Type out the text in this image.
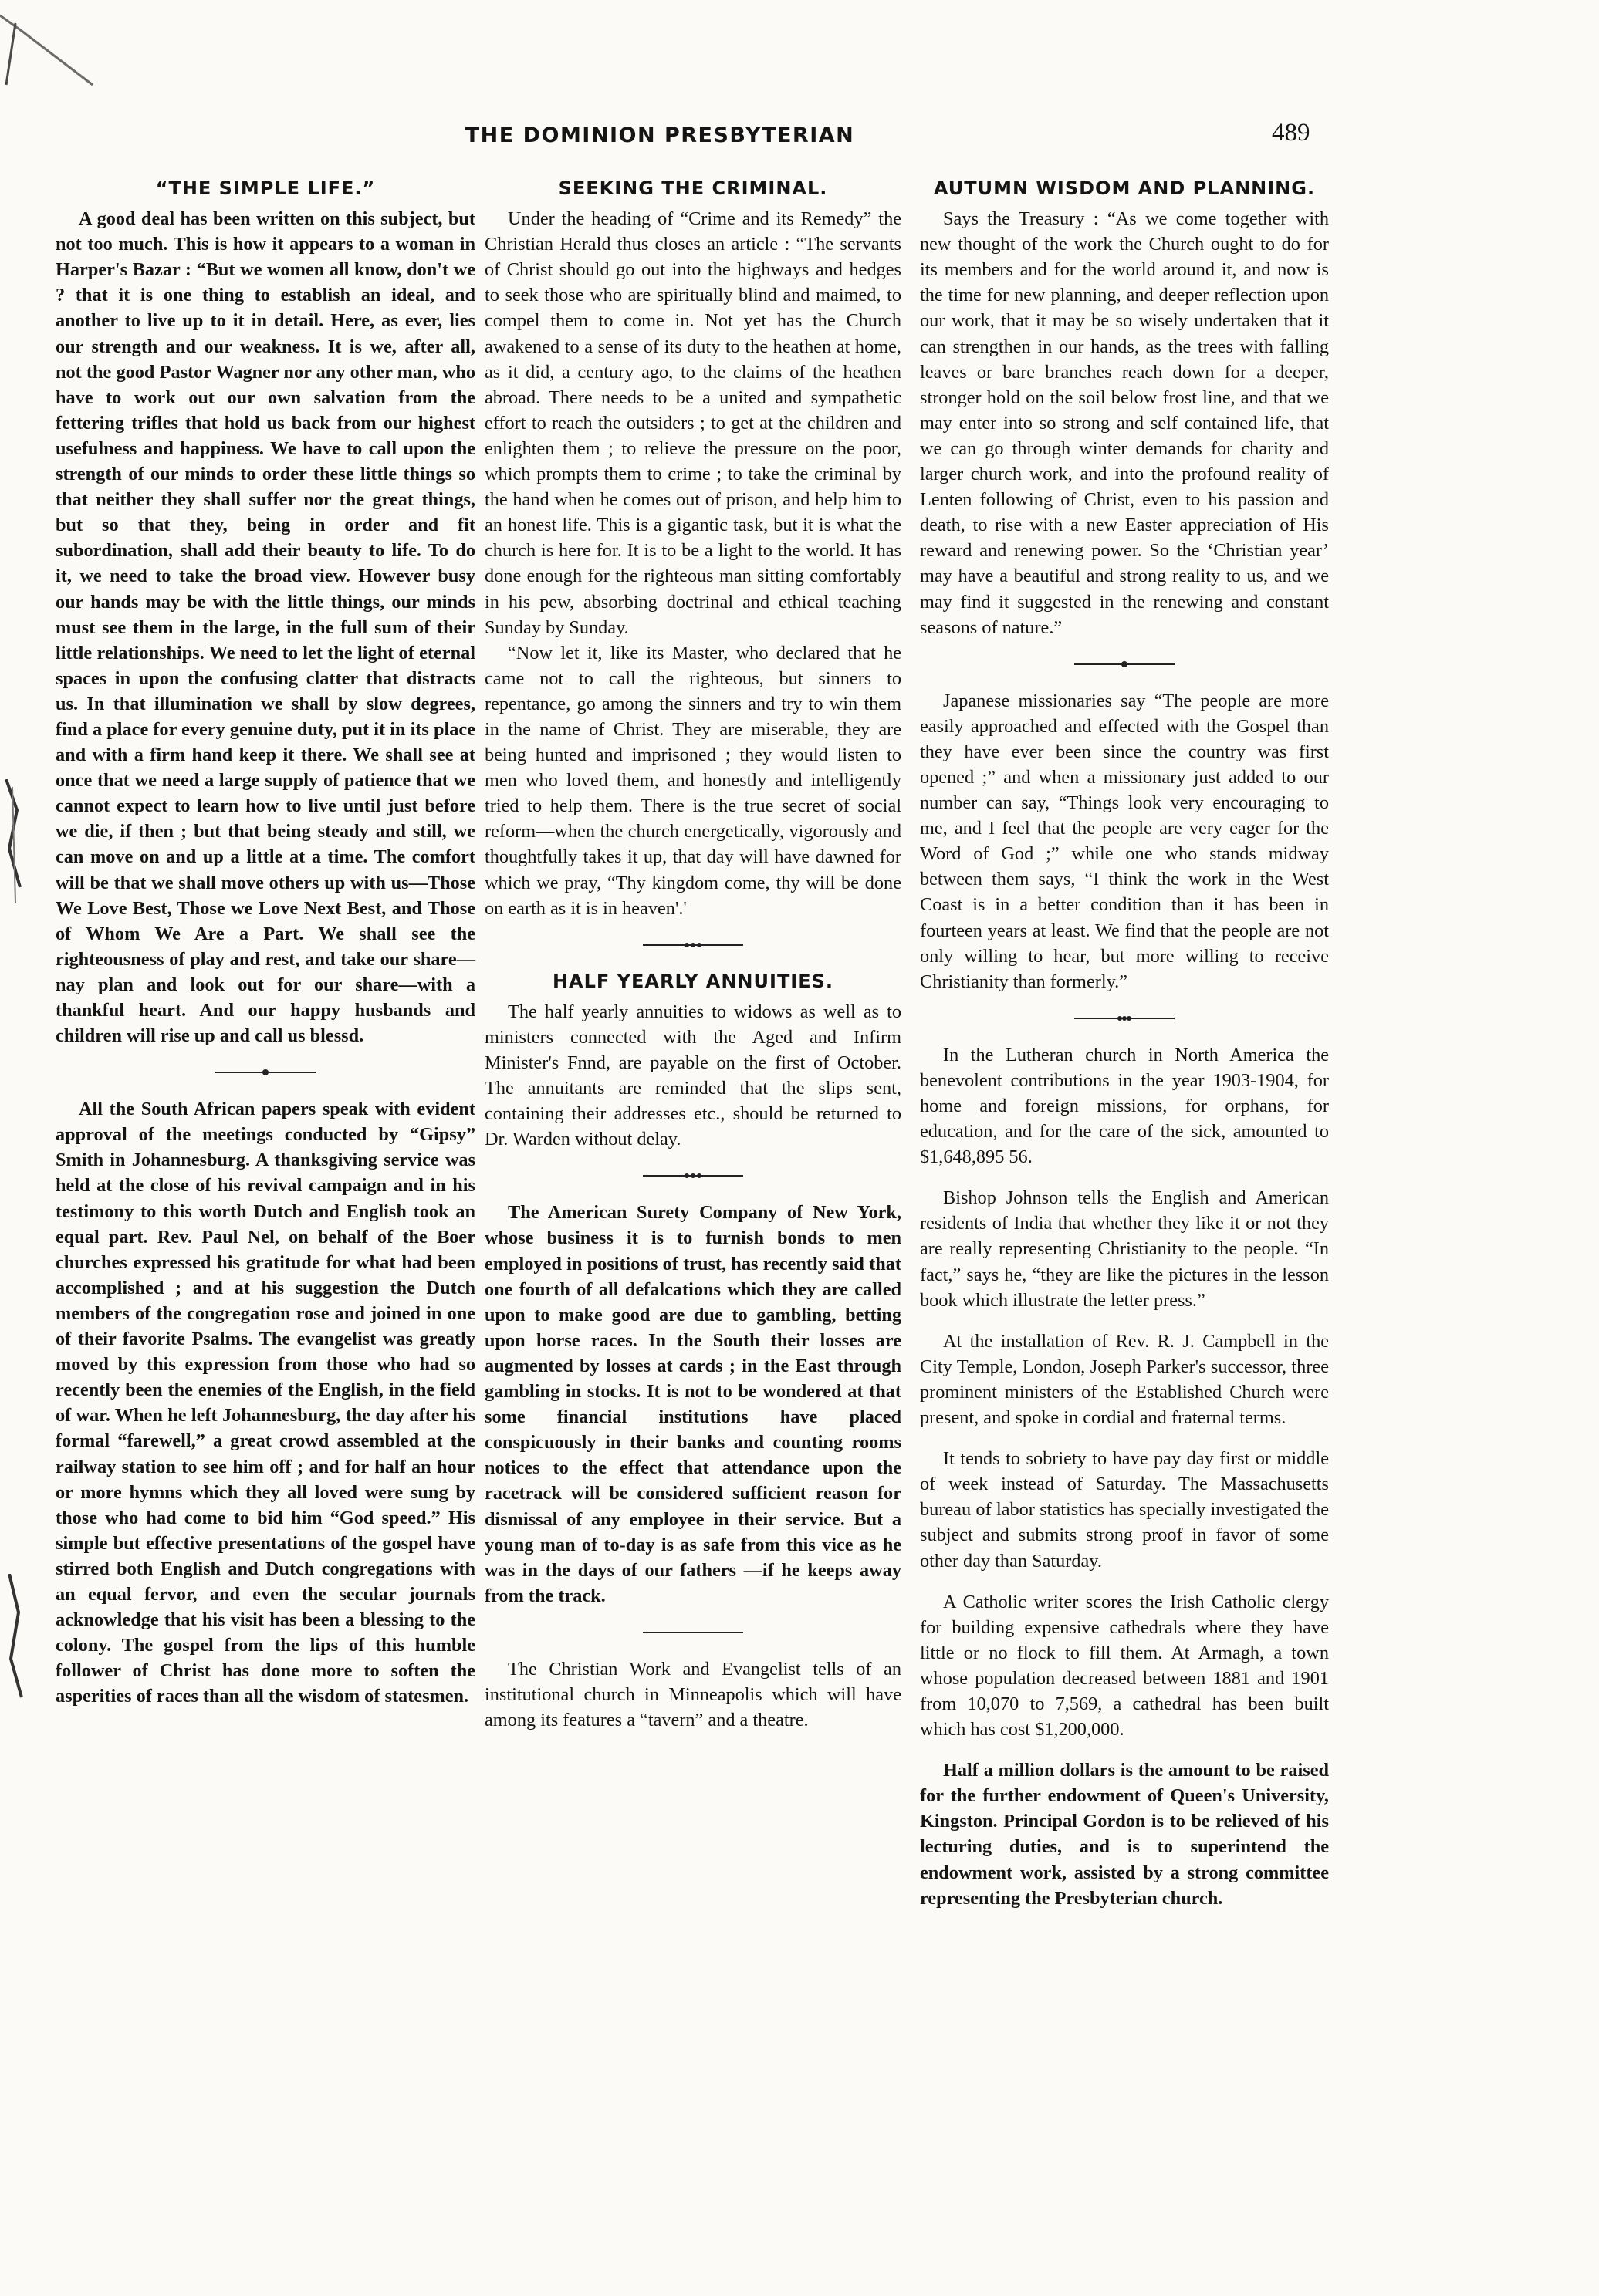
THE DOMINION PRESBYTERIAN	489
“THE SIMPLE LIFE.”

A good deal has been written on this subject, but not too much. This is how it appears to a woman in Harper's Bazar : “But we women all know, don't we ? that it is one thing to establish an ideal, and another to live up to it in detail. Here, as ever, lies our strength and our weakness. It is we, after all, not the good Pastor Wagner nor any other man, who have to work out our own salvation from the fettering trifles that hold us back from our highest usefulness and happiness. We have to call upon the strength of our minds to order these little things so that neither they shall suffer nor the great things, but so that they, being in order and fit subordination, shall add their beauty to life. To do it, we need to take the broad view. However busy our hands may be with the little things, our minds must see them in the large, in the full sum of their little relationships. We need to let the light of eternal spaces in upon the confusing clatter that distracts us. In that illumination we shall by slow degrees, find a place for every genuine duty, put it in its place and with a firm hand keep it there. We shall see at once that we need a large supply of patience that we cannot expect to learn how to live until just before we die, if then ; but that being steady and still, we can move on and up a little at a time. The comfort will be that we shall move others up with us—Those We Love Best, Those we Love Next Best, and Those of Whom We Are a Part. We shall see the righteousness of play and rest, and take our share—nay plan and look out for our share—with a thankful heart. And our happy husbands and children will rise up and call us blessd.

All the South African papers speak with evident approval of the meetings conducted by “Gipsy” Smith in Johannesburg. A thanksgiving service was held at the close of his revival campaign and in his testimony to this worth Dutch and English took an equal part. Rev. Paul Nel, on behalf of the Boer churches expressed his gratitude for what had been accomplished ; and at his suggestion the Dutch members of the congregation rose and joined in one of their favorite Psalms. The evangelist was greatly moved by this expression from those who had so recently been the enemies of the English, in the field of war. When he left Johannesburg, the day after his formal “farewell,” a great crowd assembled at the railway station to see him off ; and for half an hour or more hymns which they all loved were sung by those who had come to bid him “God speed.” His simple but effective presentations of the gospel have stirred both English and Dutch congregations with an equal fervor, and even the secular journals acknowledge that his visit has been a blessing to the colony. The gospel from the lips of this humble follower of Christ has done more to soften the asperities of races than all the wisdom of statesmen.

SEEKING THE CRIMINAL.

Under the heading of “Crime and its Remedy” the Christian Herald thus closes an article : “The servants of Christ should go out into the highways and hedges to seek those who are spiritually blind and maimed, to compel them to come in. Not yet has the Church awakened to a sense of its duty to the heathen at home, as it did, a century ago, to the claims of the heathen abroad. There needs to be a united and sympathetic effort to reach the outsiders ; to get at the children and enlighten them ; to relieve the pressure on the poor, which prompts them to crime ; to take the criminal by the hand when he comes out of prison, and help him to an honest life. This is a gigantic task, but it is what the church is here for. It is to be a light to the world. It has done enough for the righteous man sitting comfortably in his pew, absorbing doctrinal and ethical teaching Sunday by Sunday.

“Now let it, like its Master, who declared that he came not to call the righteous, but sinners to repentance, go among the sinners and try to win them in the name of Christ. They are miserable, they are being hunted and imprisoned ; they would listen to men who loved them, and honestly and intelligently tried to help them. There is the true secret of social reform—when the church energetically, vigorously and thoughtfully takes it up, that day will have dawned for which we pray, “Thy kingdom come, thy will be done on earth as it is in heaven'.'

HALF YEARLY ANNUITIES.

The half yearly annuities to widows as well as to ministers connected with the Aged and Infirm Minister's Fnnd, are payable on the first of October. The annuitants are reminded that the slips sent, containing their addresses etc., should be returned to Dr. Warden without delay.

The American Surety Company of New York, whose business it is to furnish bonds to men employed in positions of trust, has recently said that one fourth of all defalcations which they are called upon to make good are due to gambling, betting upon horse races. In the South their losses are augmented by losses at cards ; in the East through gambling in stocks. It is not to be wondered at that some financial institutions have placed conspicuously in their banks and counting rooms notices to the effect that attendance upon the racetrack will be considered sufficient reason for dismissal of any employee in their service. But a young man of to-day is as safe from this vice as he was in the days of our fathers —if he keeps away from the track.

The Christian Work and Evangelist tells of an institutional church in Minneapolis which will have among its features a “tavern” and a theatre.

AUTUMN WISDOM AND PLANNING.

Says the Treasury : “As we come together with new thought of the work the Church ought to do for its members and for the world around it, and now is the time for new planning, and deeper reflection upon our work, that it may be so wisely undertaken that it can strengthen in our hands, as the trees with falling leaves or bare branches reach down for a deeper, stronger hold on the soil below frost line, and that we may enter into so strong and self contained life, that we can go through winter demands for charity and larger church work, and into the profound reality of Lenten following of Christ, even to his passion and death, to rise with a new Easter appreciation of His reward and renewing power. So the ‘Christian year’ may have a beautiful and strong reality to us, and we may find it suggested in the renewing and constant seasons of nature.”

Japanese missionaries say “The people are more easily approached and effected with the Gospel than they have ever been since the country was first opened ;” and when a missionary just added to our number can say, “Things look very encouraging to me, and I feel that the people are very eager for the Word of God ;” while one who stands midway between them says, “I think the work in the West Coast is in a better condition than it has been in fourteen years at least. We find that the people are not only willing to hear, but more willing to receive Christianity than formerly.”

In the Lutheran church in North America the benevolent contributions in the year 1903-1904, for home and foreign missions, for orphans, for education, and for the care of the sick, amounted to $1,648,895 56.

Bishop Johnson tells the English and American residents of India that whether they like it or not they are really representing Christianity to the people. “In fact,” says he, “they are like the pictures in the lesson book which illustrate the letter press.”

At the installation of Rev. R. J. Campbell in the City Temple, London, Joseph Parker's successor, three prominent ministers of the Established Church were present, and spoke in cordial and fraternal terms.

It tends to sobriety to have pay day first or middle of week instead of Saturday. The Massachusetts bureau of labor statistics has specially investigated the subject and submits strong proof in favor of some other day than Saturday.

A Catholic writer scores the Irish Catholic clergy for building expensive cathedrals where they have little or no flock to fill them. At Armagh, a town whose population decreased between 1881 and 1901 from 10,070 to 7,569, a cathedral has been built which has cost $1,200,000.

Half a million dollars is the amount to be raised for the further endowment of Queen's University, Kingston. Principal Gordon is to be relieved of his lecturing duties, and is to superintend the endowment work, assisted by a strong committee representing the Presbyterian church.
